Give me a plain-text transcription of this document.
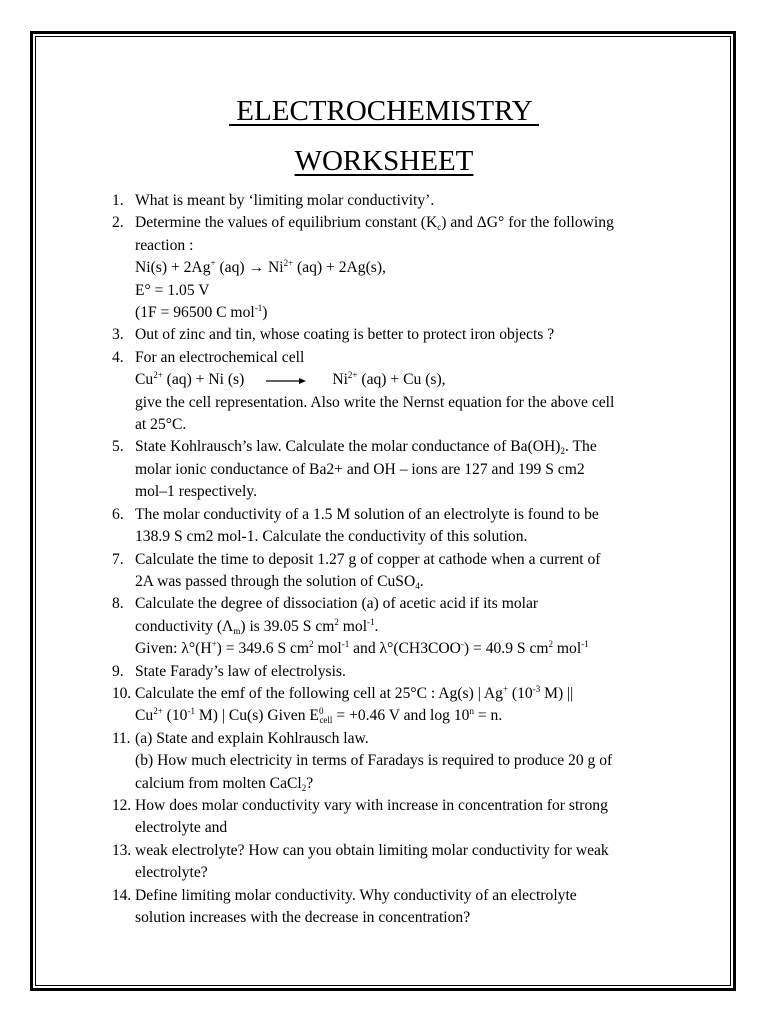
ELECTROCHEMISTRY
WORKSHEET
1. What is meant by ‘limiting molar conductivity’.
2. Determine the values of equilibrium constant $(K_c)$ and ΔG° for the following
reaction :
Ni(s) + 2Ag+ $(aq) \to Ni^{2+}$ (aq) + 2Ag(s),
E° = 1.05 V
(1F = 96500 C mol$^{-1}$)
3. Out of zinc and tin, whose coating is better to protect iron objects ?
4. For an electrochemical cell
$Cu^{2+}$ (aq) + Ni $(s) \to Ni^{2+}$ (aq) + Cu (s),
give the cell representation. Also write the Nernst equation for the above cell
at 25°C.
5. State Kohlrausch’s law. Calculate the molar conductance of $Ba(OH)_2$. The
molar ionic conductance of Ba2+ and OH – ions are 127 and 199 S cm2
mol–1 respectively.
6. The molar conductivity of a 1.5 M solution of an electrolyte is found to be
138.9 S cm2 mol-1. Calculate the conductivity of this solution.
7. Calculate the time to deposit 1.27 g of copper at cathode when a current of
2A was passed through the solution of CuSO$_4$.
8. Calculate the degree of dissociation (a) of acetic acid if its molar
conductivity $(\Lambda_m)$ is 39.05 S $cm^2$ mol$^{-1}$.
Given: λ°(H+) = 349.6 S $cm^2$ mol$^{-1}$ and λ°(CH3COO-) = 40.9 S $cm^2$ mol$^{-1}$
9. State Farady’s law of electrolysis.
10. Calculate the emf of the following cell at 25°C : Ag(s) | Ag+ ($10^{-3}$ M) ||
$Cu^{2+}$ ($10^{-1}$ M) | Cu(s) Given $E^0_{cell} = +0.46$ V and $\log 10^n = n$.
11. (a) State and explain Kohlrausch law.
(b) How much electricity in terms of Faradays is required to produce 20 g of
calcium from molten CaCl$_2$?
12. How does molar conductivity vary with increase in concentration for strong
electrolyte and
13. weak electrolyte? How can you obtain limiting molar conductivity for weak
electrolyte?
14. Define limiting molar conductivity. Why conductivity of an electrolyte
solution increases with the decrease in concentration?
